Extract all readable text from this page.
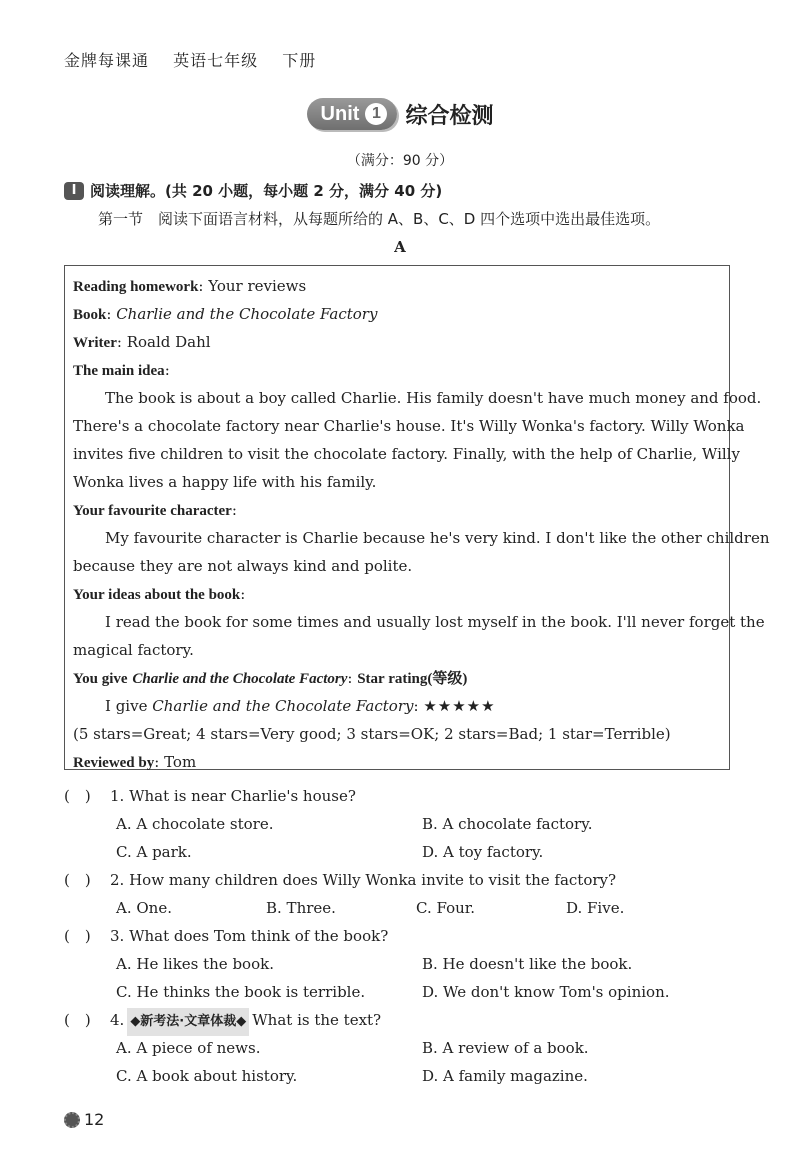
金牌每课通 英语七年级 下册
Unit 1 综合检测
（满分：90 分）
Ⅰ 阅读理解。(共 20 小题，每小题 2 分，满分 40 分)
第一节　阅读下面语言材料，从每题所给的 A、B、C、D 四个选项中选出最佳选项。
A
Reading homework: Your reviews
Book: Charlie and the Chocolate Factory
Writer: Roald Dahl
The main idea:
The book is about a boy called Charlie. His family doesn't have much money and food.
There's a chocolate factory near Charlie's house. It's Willy Wonka's factory. Willy Wonka
invites five children to visit the chocolate factory. Finally, with the help of Charlie, Willy
Wonka lives a happy life with his family.
Your favourite character:
My favourite character is Charlie because he's very kind. I don't like the other children
because they are not always kind and polite.
Your ideas about the book:
I read the book for some times and usually lost myself in the book. I'll never forget the
magical factory.
You give Charlie and the Chocolate Factory: Star rating(等级)
I give Charlie and the Chocolate Factory: ★★★★★
(5 stars=Great; 4 stars=Very good; 3 stars=OK; 2 stars=Bad; 1 star=Terrible)
Reviewed by: Tom
(　) 1. What is near Charlie's house?
A. A chocolate store.	B. A chocolate factory.
C. A park.	D. A toy factory.
(　) 2. How many children does Willy Wonka invite to visit the factory?
A. One.	B. Three.	C. Four.	D. Five.
(　) 3. What does Tom think of the book?
A. He likes the book.	B. He doesn't like the book.
C. He thinks the book is terrible.	D. We don't know Tom's opinion.
(　) 4. ◆新考法·文章体裁◆ What is the text?
A. A piece of news.	B. A review of a book.
C. A book about history.	D. A family magazine.
12
